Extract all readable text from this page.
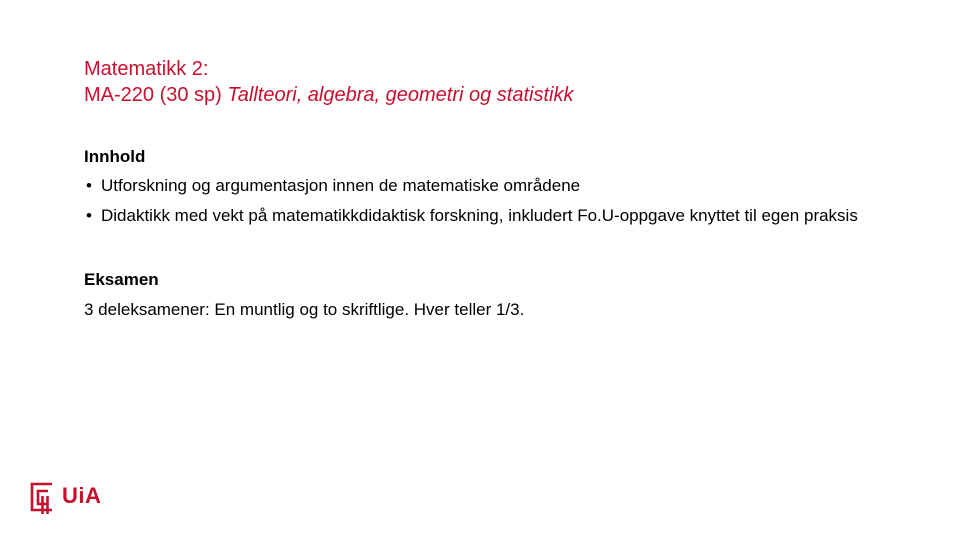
Matematikk 2:
MA-220 (30 sp) Tallteori, algebra, geometri og statistikk

Innhold

• Utforskning og argumentasjon innen de matematiske områdene
• Didaktikk med vekt på matematikkdidaktisk forskning, inkludert Fo.U-oppgave knyttet til egen praksis

Eksamen

3 deleksamener: En muntlig og to skriftlige. Hver teller 1/3.

UiA
